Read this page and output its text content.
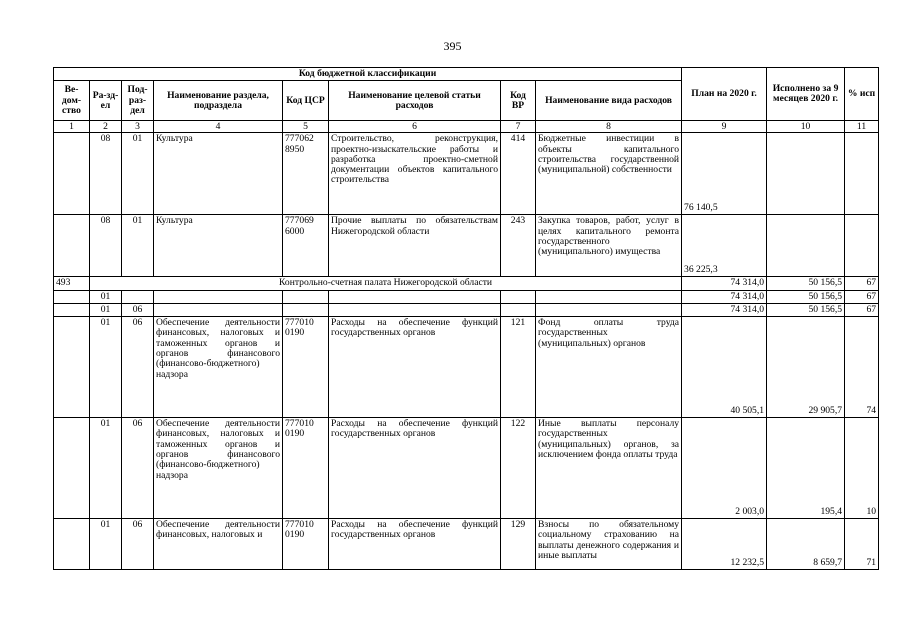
395
Код бюджетной классификации								План на 2020 г.	Исполнено за 9 месяцев 2020 г.	% исп
Ве-дом-ство	Ра-зд-ел	Под-раз-дел	Наименование раздела, подраздела	Код ЦСР	Наименование целевой статьи расходов	Код ВР	Наименование вида расходов			
1	2	3	4	5	6	7	8	9	10	11
	08	01	Культура	777062 8950	Строительство, реконструкция, проектно-изыскательские работы и разработка проектно-сметной документации объектов капитального строительства	414	Бюджетные инвестиции в объекты капитального строительства государственной (муниципальной) собственности	76 140,5		
	08	01	Культура	777069 6000	Прочие выплаты по обязательствам Нижегородской области	243	Закупка товаров, работ, услуг в целях капитального ремонта государственного (муниципального) имущества	36 225,3		
493	Контрольно-счетная палата Нижегородской области							74 314,0	50 156,5	67
	01							74 314,0	50 156,5	67
	01	06						74 314,0	50 156,5	67
	01	06	Обеспечение деятельности финансовых, налоговых и таможенных органов и органов финансового (финансово-бюджетного) надзора	777010 0190	Расходы на обеспечение функций государственных органов	121	Фонд оплаты труда государственных (муниципальных) органов	40 505,1	29 905,7	74
	01	06	Обеспечение деятельности финансовых, налоговых и таможенных органов и органов финансового (финансово-бюджетного) надзора	777010 0190	Расходы на обеспечение функций государственных органов	122	Иные выплаты персоналу государственных (муниципальных) органов, за исключением фонда оплаты труда	2 003,0	195,4	10
	01	06	Обеспечение деятельности финансовых, налоговых и	777010 0190	Расходы на обеспечение функций государственных органов	129	Взносы по обязательному социальному страхованию на выплаты денежного содержания и иные выплаты	12 232,5	8 659,7	71
